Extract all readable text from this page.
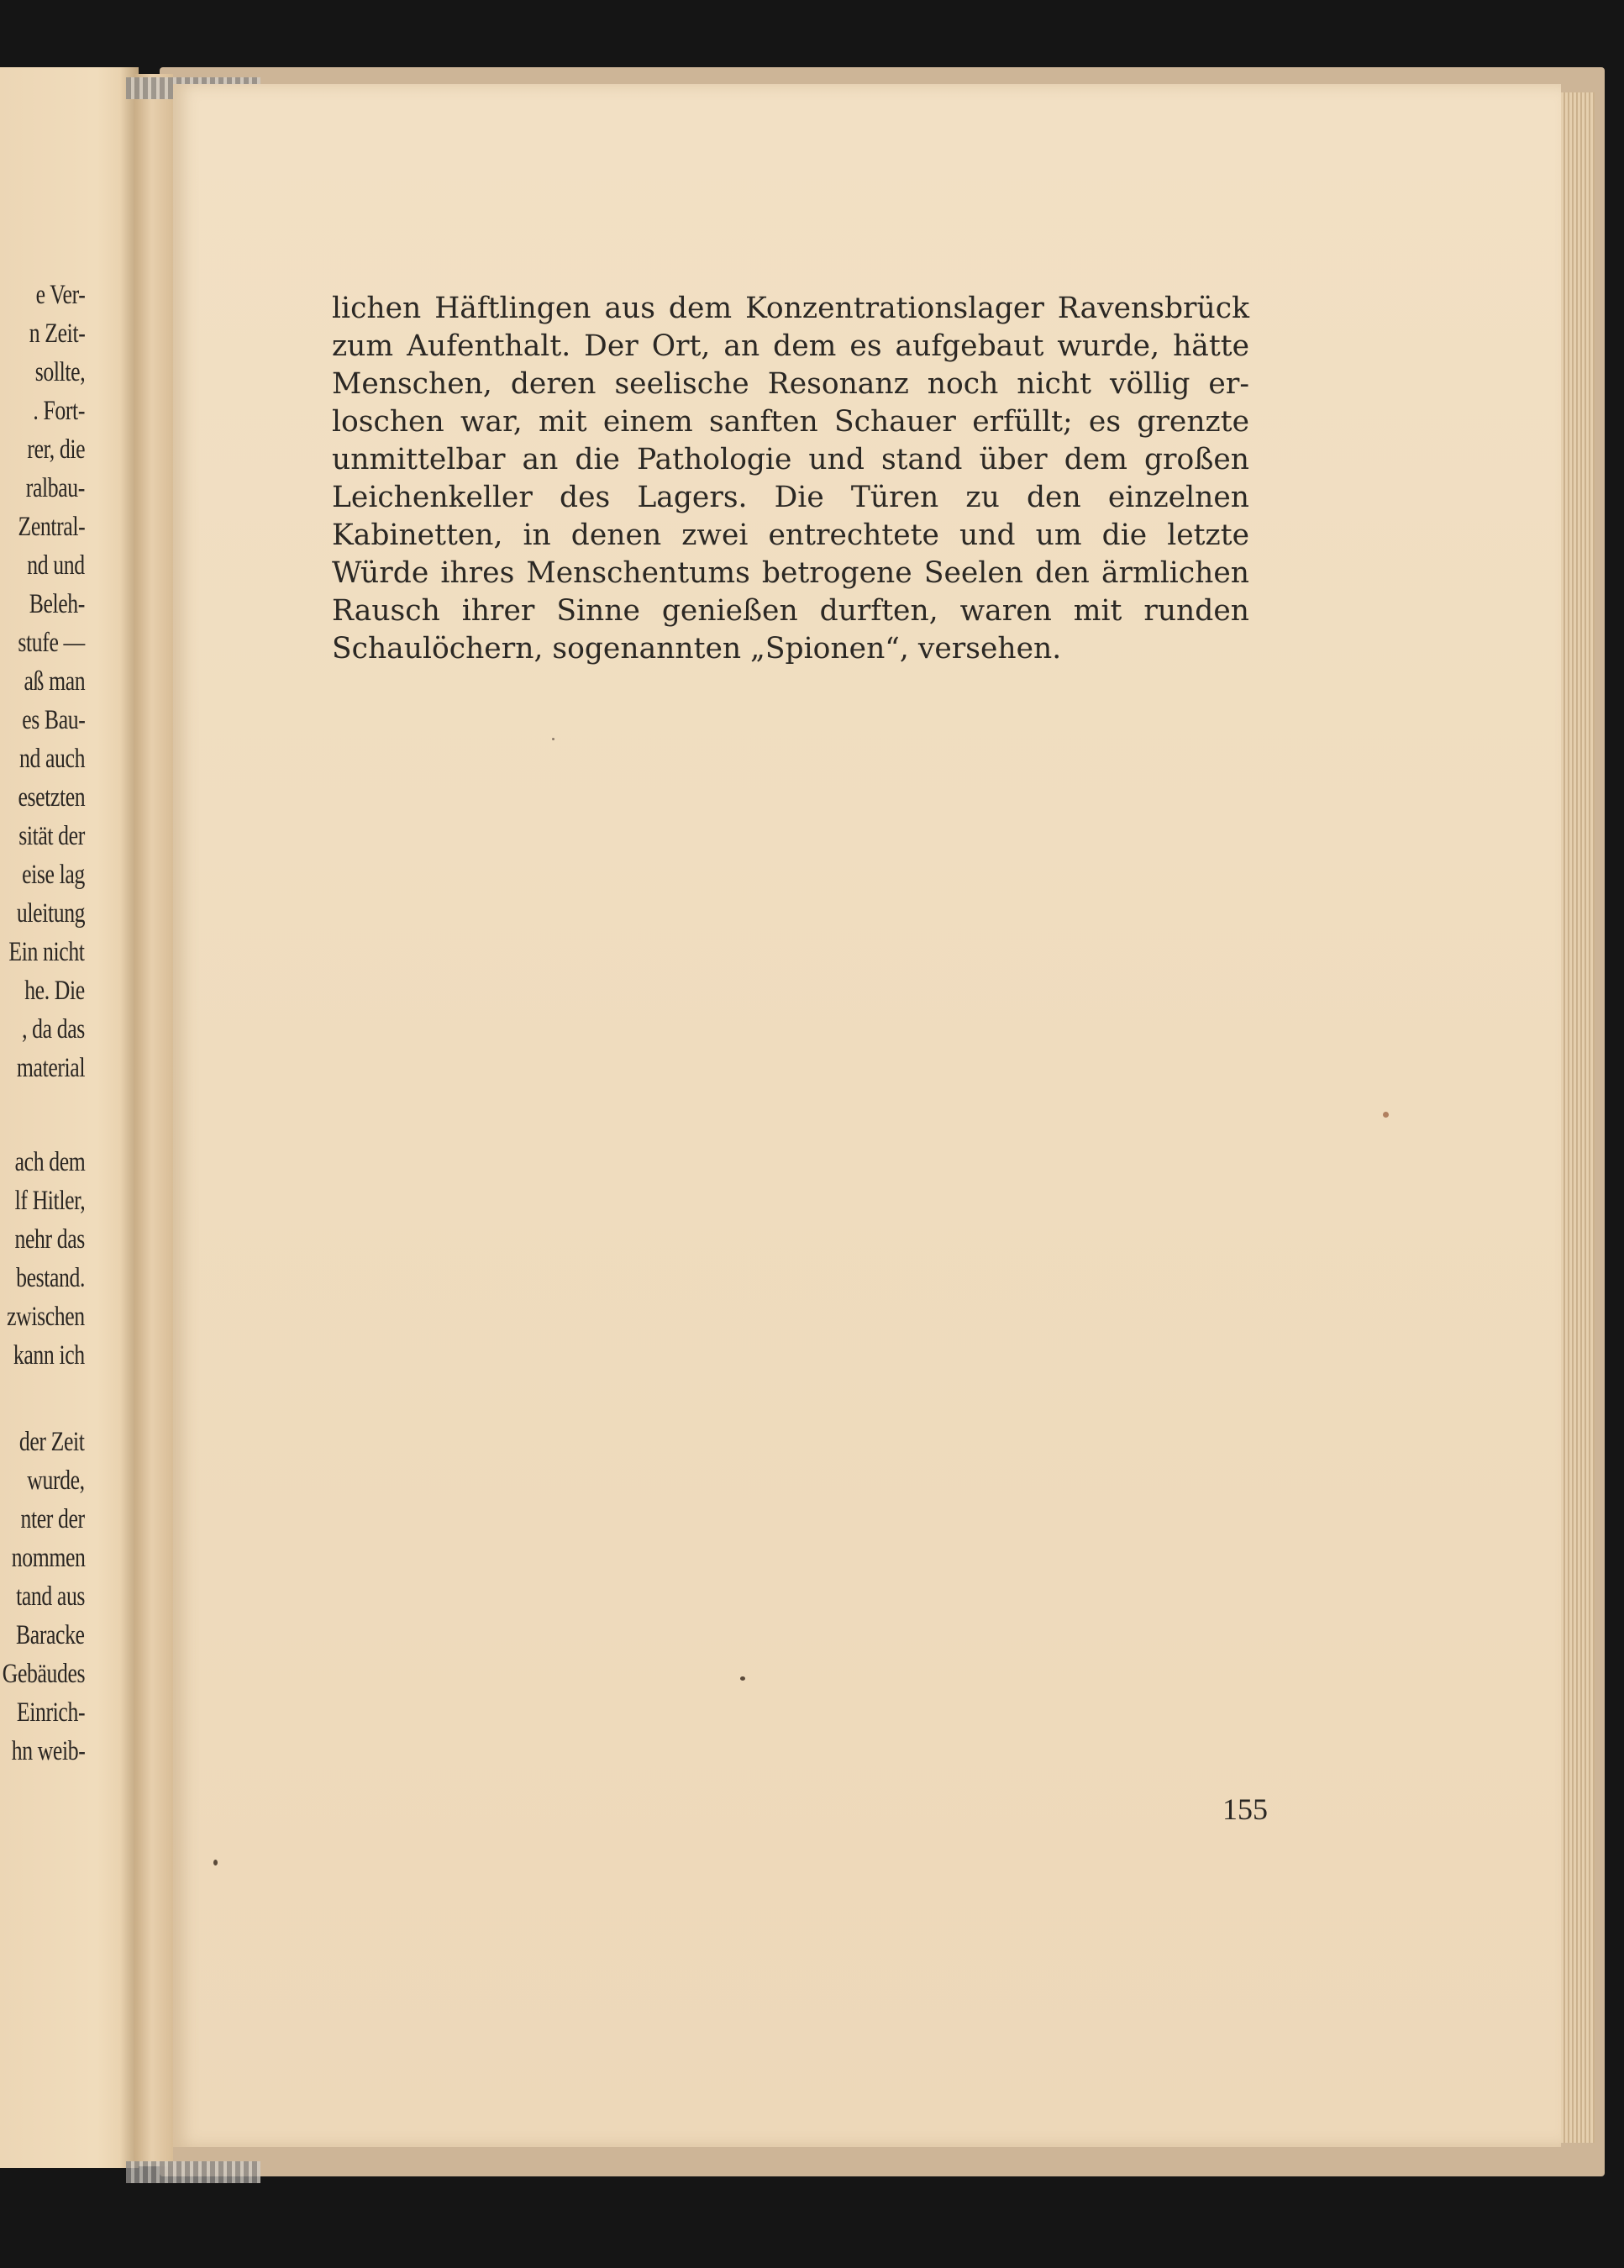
e Ver-
n Zeit-
sollte,
. Fort-
rer, die
ralbau-
Zentral-
nd und
Beleh-
stufe —
aß man
es Bau-
nd auch
esetzten
sität der
eise lag
uleitung
Ein nicht
he. Die
, da das
material
ach dem
lf Hitler,
nehr das
bestand.
zwischen
kann ich
der Zeit
wurde,
nter der
nommen
tand aus
Baracke
Gebäudes
Einrich-
hn weib-
lichen Häftlingen aus dem Konzentrationslager Ravensbrück
zum Aufenthalt. Der Ort, an dem es aufgebaut wurde, hätte
Menschen, deren seelische Resonanz noch nicht völlig er-
loschen war, mit einem sanften Schauer erfüllt; es grenzte
unmittelbar an die Pathologie und stand über dem großen
Leichenkeller des Lagers. Die Türen zu den einzelnen
Kabinetten, in denen zwei entrechtete und um die letzte
Würde ihres Menschentums betrogene Seelen den ärmlichen
Rausch ihrer Sinne genießen durften, waren mit runden
Schaulöchern, sogenannten „Spionen“, versehen.
155
